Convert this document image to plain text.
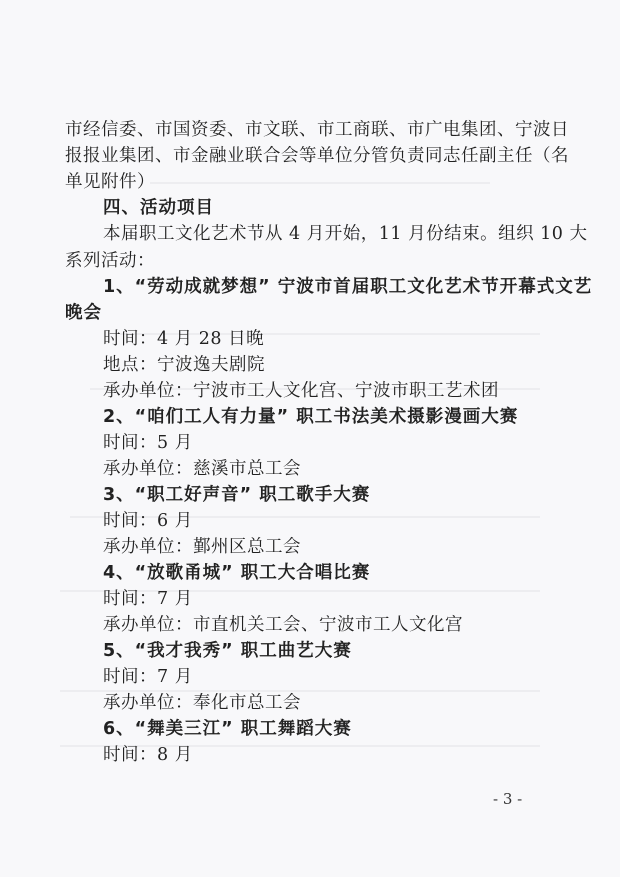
市经信委、市国资委、市文联、市工商联、市广电集团、宁波日
报报业集团、市金融业联合会等单位分管负责同志任副主任（名
单见附件）
四、活动项目
本届职工文化艺术节从 4 月开始，11 月份结束。组织 10 大
系列活动：
1、“劳动成就梦想” 宁波市首届职工文化艺术节开幕式文艺
晚会
时间：4 月 28 日晚
地点：宁波逸夫剧院
承办单位：宁波市工人文化宫、宁波市职工艺术团
2、“咱们工人有力量” 职工书法美术摄影漫画大赛
时间：5 月
承办单位：慈溪市总工会
3、“职工好声音” 职工歌手大赛
时间：6 月
承办单位：鄞州区总工会
4、“放歌甬城” 职工大合唱比赛
时间：7 月
承办单位：市直机关工会、宁波市工人文化宫
5、“我才我秀” 职工曲艺大赛
时间：7 月
承办单位：奉化市总工会
6、“舞美三江” 职工舞蹈大赛
时间：8 月
- 3 -
